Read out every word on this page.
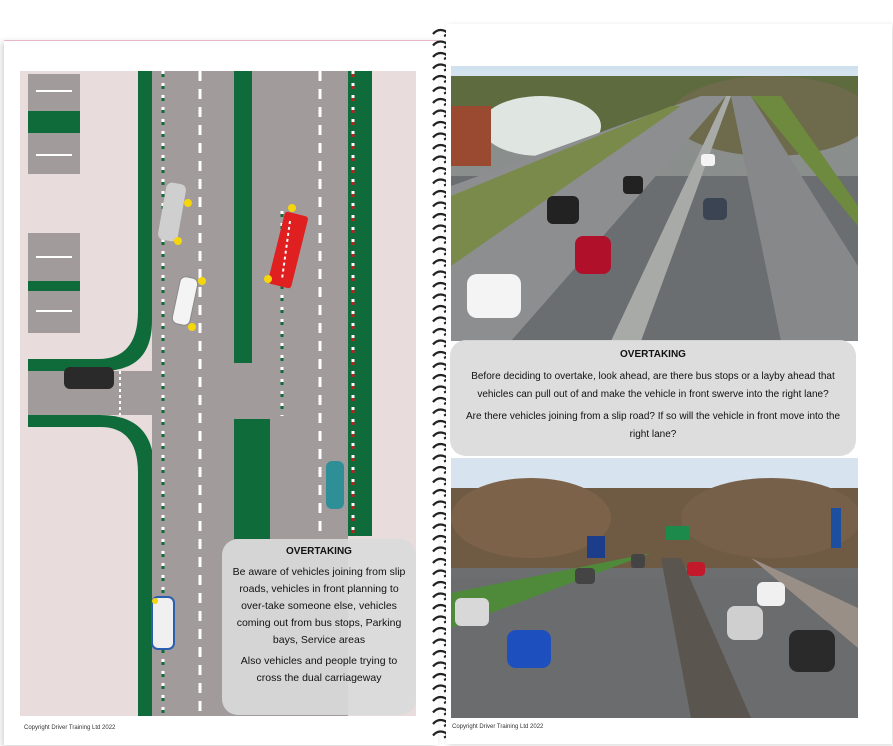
OVERTAKING

Be aware of vehicles joining from slip roads, vehicles in front planning to over-take someone else, vehicles coming out from bus stops, Parking bays, Service areas

Also vehicles and people trying to cross the dual carriageway

Copyright Driver Training Ltd 2022
OVERTAKING

Before deciding to overtake, look ahead, are there bus stops or a layby ahead that vehicles can pull out of and make the vehicle in front swerve into the right lane?

Are there vehicles joining from a slip road? If so will the vehicle in front move into the right lane?

Copyright Driver Training Ltd 2022
